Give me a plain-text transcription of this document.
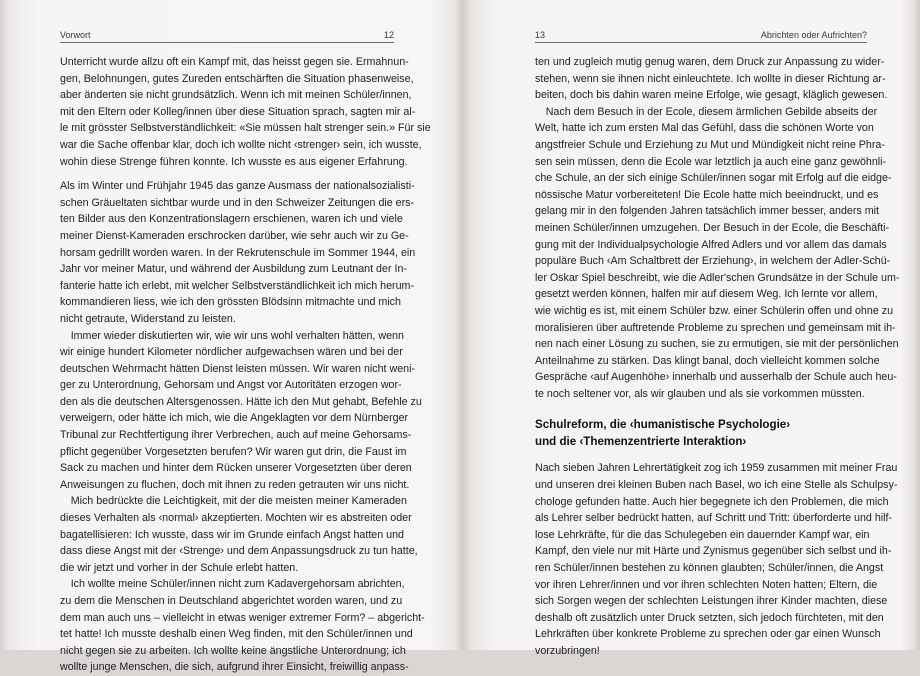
Vorwort	12
Unterricht wurde allzu oft ein Kampf mit, das heisst gegen sie. Ermahnun-
gen, Belohnungen, gutes Zureden entschärften die Situation phasenweise,
aber änderten sie nicht grundsätzlich. Wenn ich mit meinen Schüler/innen,
mit den Eltern oder Kolleg/innen über diese Situation sprach, sagten mir al-
le mit grösster Selbstverständlichkeit: «Sie müssen halt strenger sein.» Für sie
war die Sache offenbar klar, doch ich wollte nicht ‹strenger› sein, ich wusste,
wohin diese Strenge führen konnte. Ich wusste es aus eigener Erfahrung.
Als im Winter und Frühjahr 1945 das ganze Ausmass der nationalsozialisti-
schen Gräueltaten sichtbar wurde und in den Schweizer Zeitungen die ers-
ten Bilder aus den Konzentrationslagern erschienen, waren ich und viele
meiner Dienst-Kameraden erschrocken darüber, wie sehr auch wir zu Ge-
horsam gedrillt worden waren. In der Rekrutenschule im Sommer 1944, ein
Jahr vor meiner Matur, und während der Ausbildung zum Leutnant der In-
fanterie hatte ich erlebt, mit welcher Selbstverständlichkeit ich mich herum-
kommandieren liess, wie ich den grössten Blödsinn mitmachte und mich
nicht getraute, Widerstand zu leisten.
 Immer wieder diskutierten wir, wie wir uns wohl verhalten hätten, wenn
wir einige hundert Kilometer nördlicher aufgewachsen wären und bei der
deutschen Wehrmacht hätten Dienst leisten müssen. Wir waren nicht weni-
ger zu Unterordnung, Gehorsam und Angst vor Autoritäten erzogen wor-
den als die deutschen Altersgenossen. Hätte ich den Mut gehabt, Befehle zu
verweigern, oder hätte ich mich, wie die Angeklagten vor dem Nürnberger
Tribunal zur Rechtfertigung ihrer Verbrechen, auch auf meine Gehorsams-
pflicht gegenüber Vorgesetzten berufen? Wir waren gut drin, die Faust im
Sack zu machen und hinter dem Rücken unserer Vorgesetzten über deren
Anweisungen zu fluchen, doch mit ihnen zu reden getrauten wir uns nicht.
 Mich bedrückte die Leichtigkeit, mit der die meisten meiner Kameraden
dieses Verhalten als ‹normal› akzeptierten. Mochten wir es abstreiten oder
bagatellisieren: Ich wusste, dass wir im Grunde einfach Angst hatten und
dass diese Angst mit der ‹Strenge› und dem Anpassungsdruck zu tun hatte,
die wir jetzt und vorher in der Schule erlebt hatten.
 Ich wollte meine Schüler/innen nicht zum Kadavergehorsam abrichten,
zu dem die Menschen in Deutschland abgerichtet worden waren, und zu
dem man auch uns – vielleicht in etwas weniger extremer Form? – abgericht-
tet hatte! Ich musste deshalb einen Weg finden, mit den Schüler/innen und
nicht gegen sie zu arbeiten. Ich wollte keine ängstliche Unterordnung; ich
wollte junge Menschen, die sich, aufgrund ihrer Einsicht, freiwillig anpass-
13	Abrichten oder Aufrichten?
ten und zugleich mutig genug waren, dem Druck zur Anpassung zu wider-
stehen, wenn sie ihnen nicht einleuchtete. Ich wollte in dieser Richtung ar-
beiten, doch bis dahin waren meine Erfolge, wie gesagt, kläglich gewesen.
 Nach dem Besuch in der Ecole, diesem ärmlichen Gebilde abseits der
Welt, hatte ich zum ersten Mal das Gefühl, dass die schönen Worte von
angstfreier Schule und Erziehung zu Mut und Mündigkeit nicht reine Phra-
sen sein müssen, denn die Ecole war letztlich ja auch eine ganz gewöhnli-
che Schule, an der sich einige Schüler/innen sogar mit Erfolg auf die eidge-
nössische Matur vorbereiteten! Die Ecole hatte mich beeindruckt, und es
gelang mir in den folgenden Jahren tatsächlich immer besser, anders mit
meinen Schüler/innen umzugehen. Der Besuch in der Ecole, die Beschäfti-
gung mit der Individualpsychologie Alfred Adlers und vor allem das damals
populäre Buch ‹Am Schaltbrett der Erziehung›, in welchem der Adler-Schü-
ler Oskar Spiel beschreibt, wie die Adler'schen Grundsätze in der Schule um-
gesetzt werden können, halfen mir auf diesem Weg. Ich lernte vor allem,
wie wichtig es ist, mit einem Schüler bzw. einer Schülerin offen und ohne zu
moralisieren über auftretende Probleme zu sprechen und gemeinsam mit ih-
nen nach einer Lösung zu suchen, sie zu ermutigen, sie mit der persönlichen
Anteilnahme zu stärken. Das klingt banal, doch vielleicht kommen solche
Gespräche ‹auf Augenhöhe› innerhalb und ausserhalb der Schule auch heu-
te noch seltener vor, als wir glauben und als sie vorkommen müssten.
Schulreform, die ‹humanistische Psychologie›
und die ‹Themenzentrierte Interaktion›
Nach sieben Jahren Lehrertätigkeit zog ich 1959 zusammen mit meiner Frau
und unseren drei kleinen Buben nach Basel, wo ich eine Stelle als Schulpsy-
chologe gefunden hatte. Auch hier begegnete ich den Problemen, die mich
als Lehrer selber bedrückt hatten, auf Schritt und Tritt: überforderte und hilf-
lose Lehrkräfte, für die das Schulegeben ein dauernder Kampf war, ein
Kampf, den viele nur mit Härte und Zynismus gegenüber sich selbst und ih-
ren Schüler/innen bestehen zu können glaubten; Schüler/innen, die Angst
vor ihren Lehrer/innen und vor ihren schlechten Noten hatten; Eltern, die
sich Sorgen wegen der schlechten Leistungen ihrer Kinder machten, diese
deshalb oft zusätzlich unter Druck setzten, sich jedoch fürchteten, mit den
Lehrkräften über konkrete Probleme zu sprechen oder gar einen Wunsch
vorzubringen!
